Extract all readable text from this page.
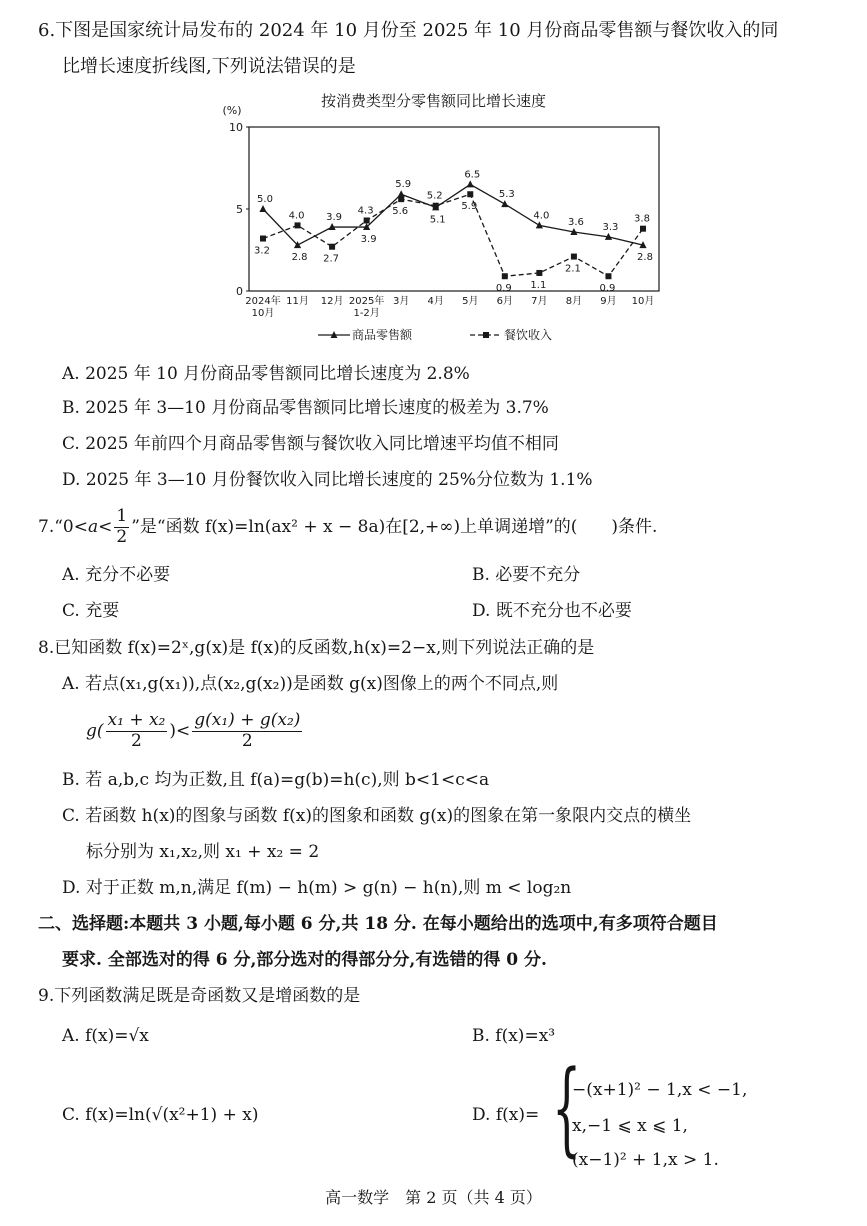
6.下图是国家统计局发布的 2024 年 10 月份至 2025 年 10 月份商品零售额与餐饮收入的同
比增长速度折线图,下列说法错误的是
按消费类型分零售额同比增长速度
(%)
0
5
10
2024年
10月
11月 12月 2025年
1-2月
3月 4月 5月 6月 7月 8月 9月 10月
5.0
2.8
3.9
3.9
5.9
5.1
6.5
5.3
4.0
3.6 3.3
2.8
3.2
4.0
2.7
4.3 5.6
5.2
5.9
0.9 1.1
2.1
0.9
3.8
商品零售额	餐饮收入
A. 2025 年 10 月份商品零售额同比增长速度为 2.8%
B. 2025 年 3—10 月份商品零售额同比增长速度的极差为 3.7%
C. 2025 年前四个月商品零售额与餐饮收入同比增速平均值不相同
D. 2025 年 3—10 月份餐饮收入同比增长速度的 25%分位数为 1.1%
7.“0<a< $\frac{1}{2}$ ”是“函数 f(x)=ln(ax² + x − 8a)在[2,+∞)上单调递增”的(　　)条件.
A. 充分不必要	B. 必要不充分
C. 充要	D. 既不充分也不必要
8.已知函数 f(x)=2ˣ,g(x)是 f(x)的反函数,h(x)=2−x,则下列说法正确的是
A. 若点(x₁,g(x₁)),点(x₂,g(x₂))是函数 g(x)图像上的两个不同点,则
$g( \frac{\text{x₁ + x₂}}{2}$ )< $\frac{\text{g(x₁) + g(x₂)}}{2}$
B. 若 a,b,c 均为正数,且 f(a)=g(b)=h(c),则 b<1<c<a
C. 若函数 h(x)的图象与函数 f(x)的图象和函数 g(x)的图象在第一象限内交点的横坐
标分别为 x₁,x₂,则 x₁ + x₂ = 2
D. 对于正数 m,n,满足 f(m) − h(m) > g(n) − h(n),则 m < log₂n
二、选择题:本题共 3 小题,每小题 6 分,共 18 分. 在每小题给出的选项中,有多项符合题目
要求. 全部选对的得 6 分,部分选对的得部分分,有选错的得 0 分.
9.下列函数满足既是奇函数又是增函数的是
A. f(x)=√x	B. f(x)=x³
C. f(x)=ln(√(x²+1) + x)	D. f(x)= {
−(x+1)² − 1,x < −1,
x,−1 ⩽ x ⩽ 1,
(x−1)² + 1,x > 1.
高一数学　第 2 页（共 4 页）
